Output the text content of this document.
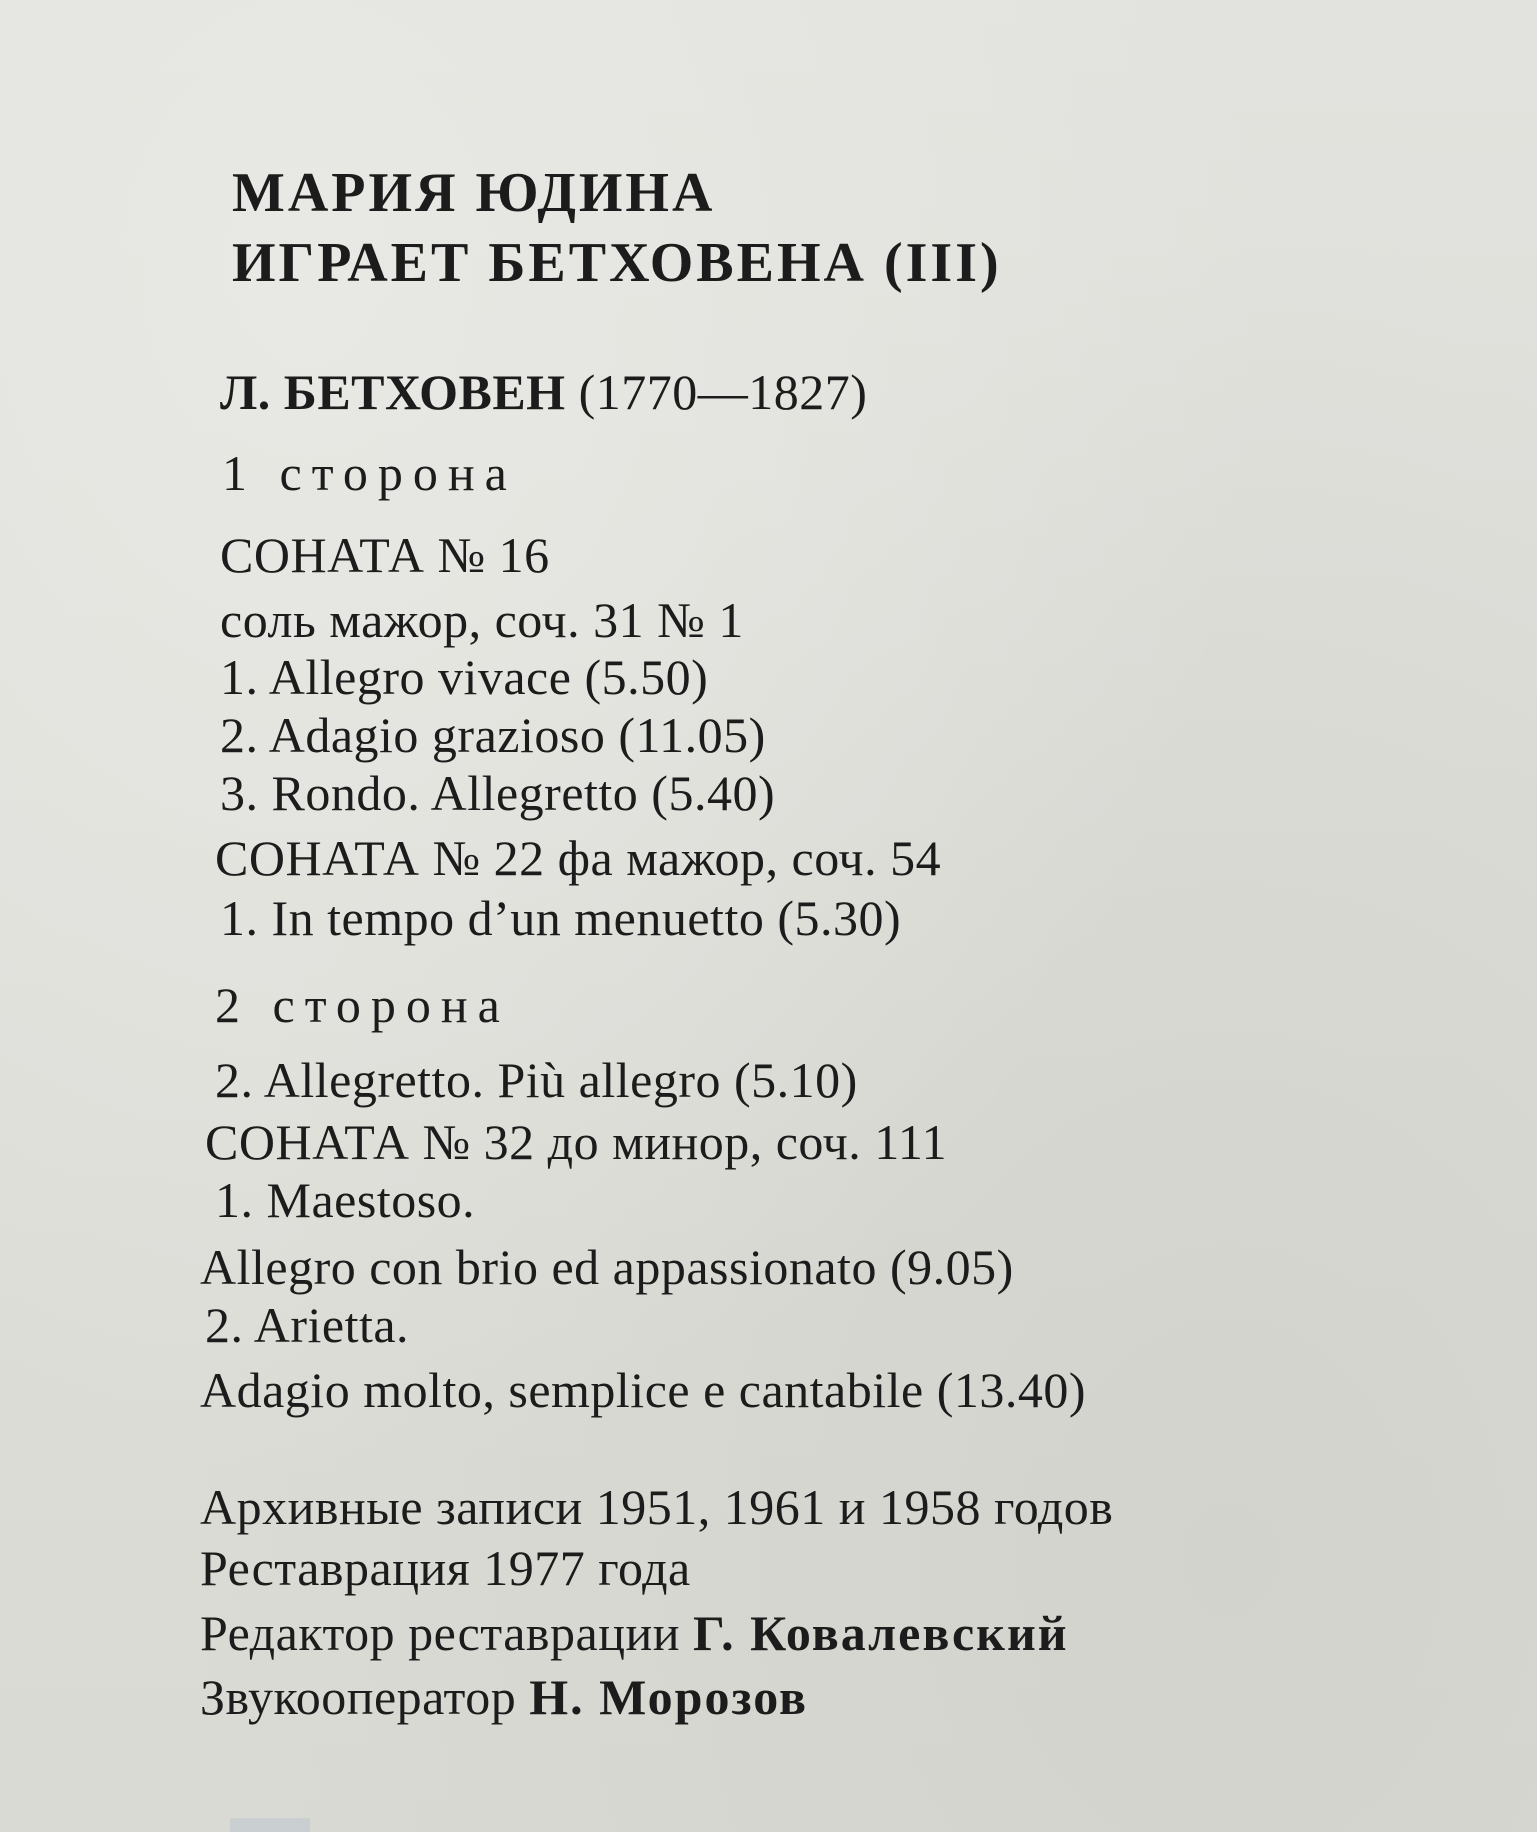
МАРИЯ ЮДИНА
ИГРАЕТ БЕТХОВЕНА (III)
Л. БЕТХОВЕН (1770—1827)
1 сторона
СОНАТА № 16
соль мажор, соч. 31 № 1
1. Allegro vivace (5.50)
2. Adagio grazioso (11.05)
3. Rondo. Allegretto (5.40)
СОНАТА № 22 фа мажор, соч. 54
1. In tempo d’un menuetto (5.30)
2 сторона
2. Allegretto. Più allegro (5.10)
СОНАТА № 32 до минор, соч. 111
1. Maestoso.
Allegro con brio ed appassionato (9.05)
2. Arietta.
Adagio molto, semplice e cantabile (13.40)
Архивные записи 1951, 1961 и 1958 годов
Реставрация 1977 года
Редактор реставрации Г. Ковалевский
Звукооператор Н. Морозов
